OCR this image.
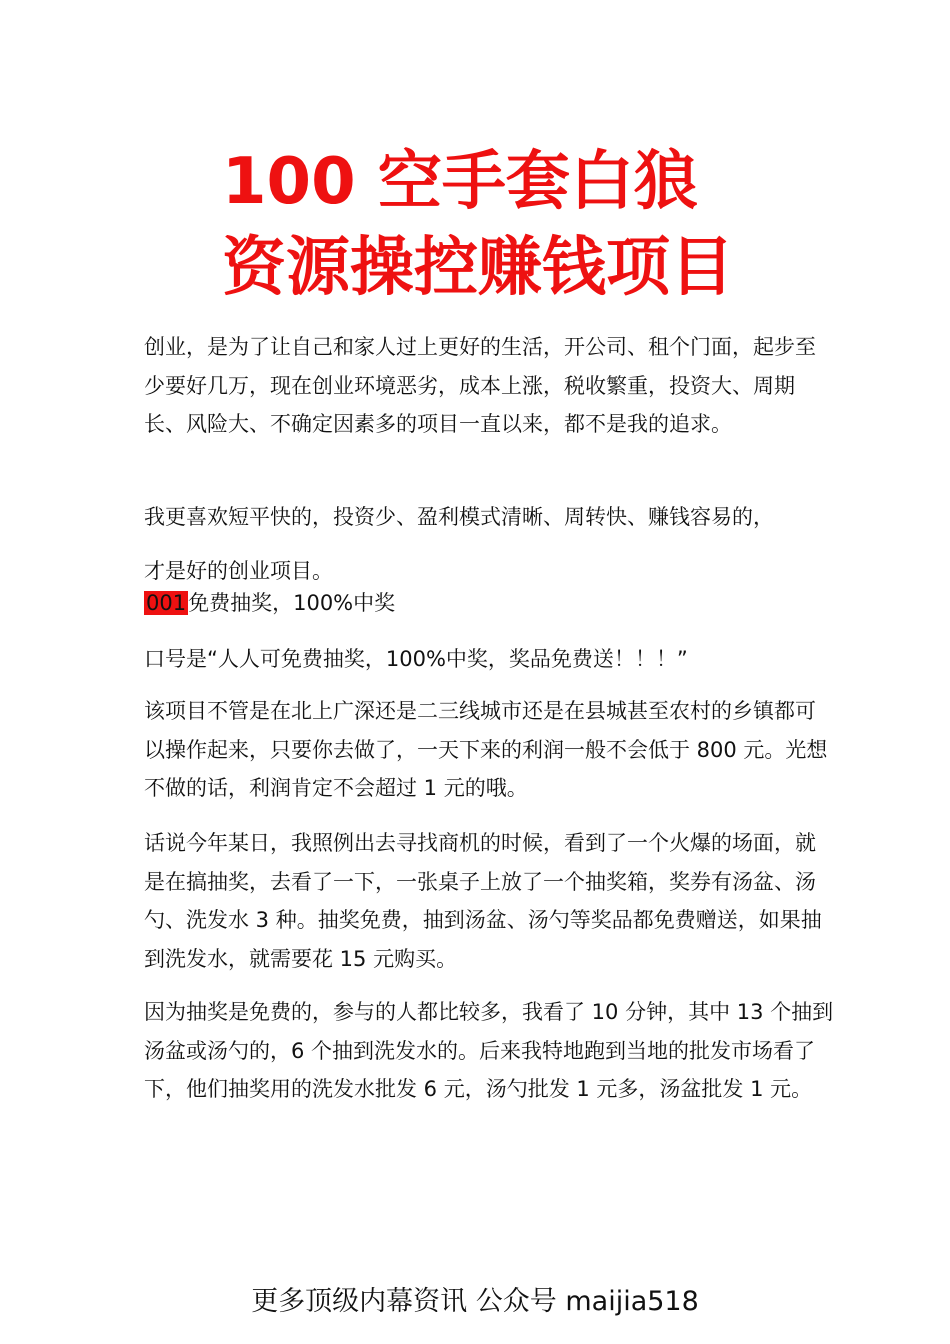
100 空手套白狼
资源操控赚钱项目

创业，是为了让自己和家人过上更好的生活，开公司、租个门面，起步至少要好几万，现在创业环境恶劣，成本上涨，税收繁重，投资大、周期长、风险大、不确定因素多的项目一直以来，都不是我的追求。

我更喜欢短平快的，投资少、盈利模式清晰、周转快、赚钱容易的，

才是好的创业项目。

001免费抽奖，100%中奖

口号是“人人可免费抽奖，100%中奖，奖品免费送！！！”

该项目不管是在北上广深还是二三线城市还是在县城甚至农村的乡镇都可以操作起来，只要你去做了，一天下来的利润一般不会低于 800 元。光想不做的话，利润肯定不会超过 1 元的哦。

话说今年某日，我照例出去寻找商机的时候，看到了一个火爆的场面，就是在搞抽奖，去看了一下，一张桌子上放了一个抽奖箱，奖券有汤盆、汤勺、洗发水 3 种。抽奖免费，抽到汤盆、汤勺等奖品都免费赠送，如果抽到洗发水，就需要花 15 元购买。

因为抽奖是免费的，参与的人都比较多，我看了 10 分钟，其中 13 个抽到汤盆或汤勺的，6 个抽到洗发水的。后来我特地跑到当地的批发市场看了下，他们抽奖用的洗发水批发 6 元，汤勺批发 1 元多，汤盆批发 1 元。

更多顶级内幕资讯 公众号 maijia518
